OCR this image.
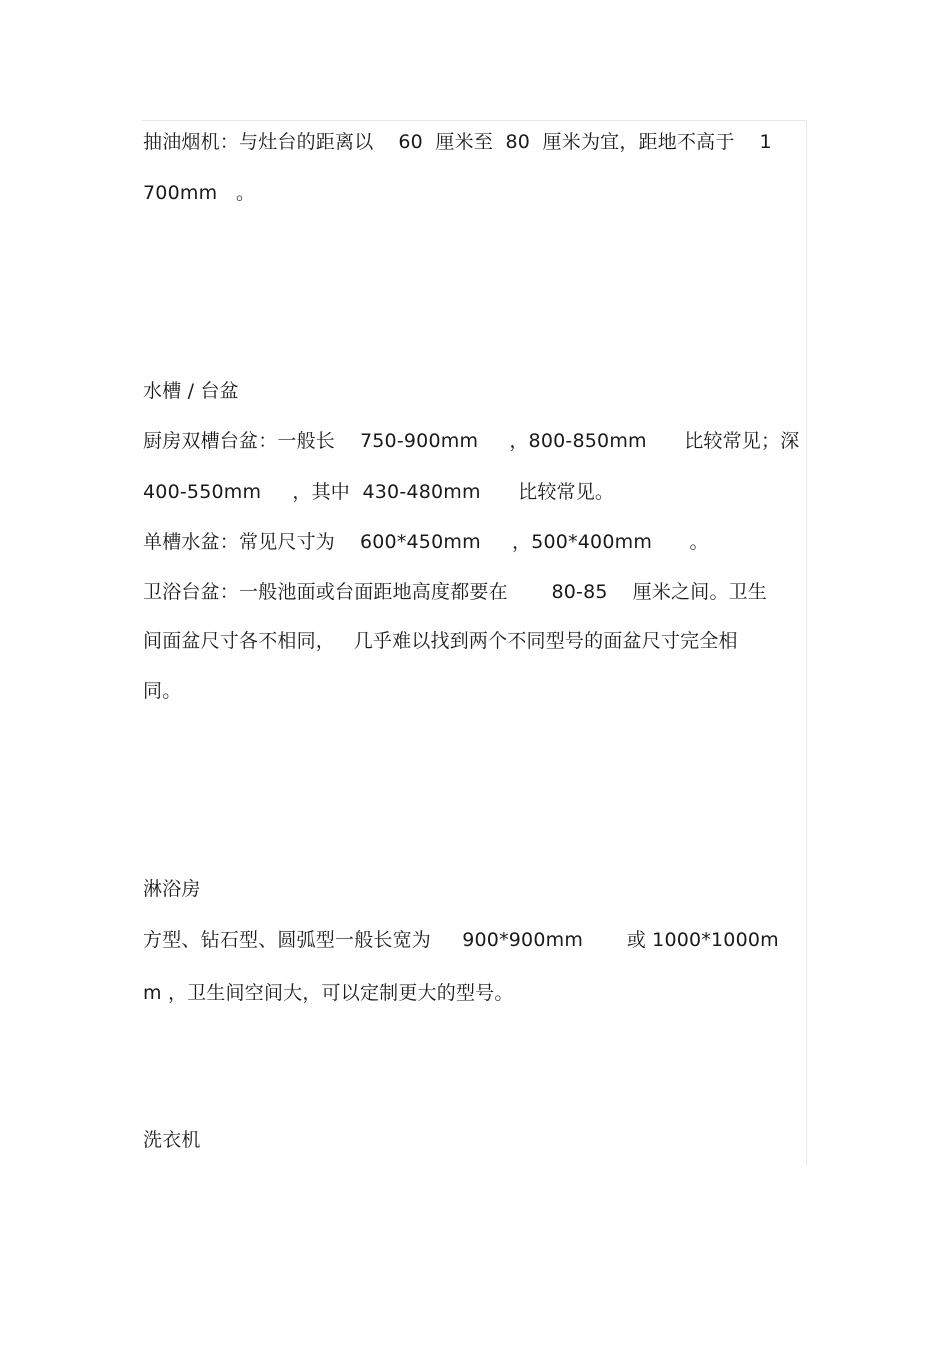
抽油烟机：与灶台的距离以    60  厘米至  80  厘米为宜，距地不高于    1
700mm   。
水槽 / 台盆
厨房双槽台盆：一般长    750-900mm     ，800-850mm      比较常见；深
400-550mm     ，其中  430-480mm      比较常见。
单槽水盆：常见尺寸为    600*450mm     ，500*400mm      。
卫浴台盆：一般池面或台面距地高度都要在       80-85    厘米之间。卫生
间面盆尺寸各不相同，   几乎难以找到两个不同型号的面盆尺寸完全相
同。
淋浴房
方型、钻石型、圆弧型一般长宽为     900*900mm       或 1000*1000m
m ，卫生间空间大，可以定制更大的型号。
洗衣机
